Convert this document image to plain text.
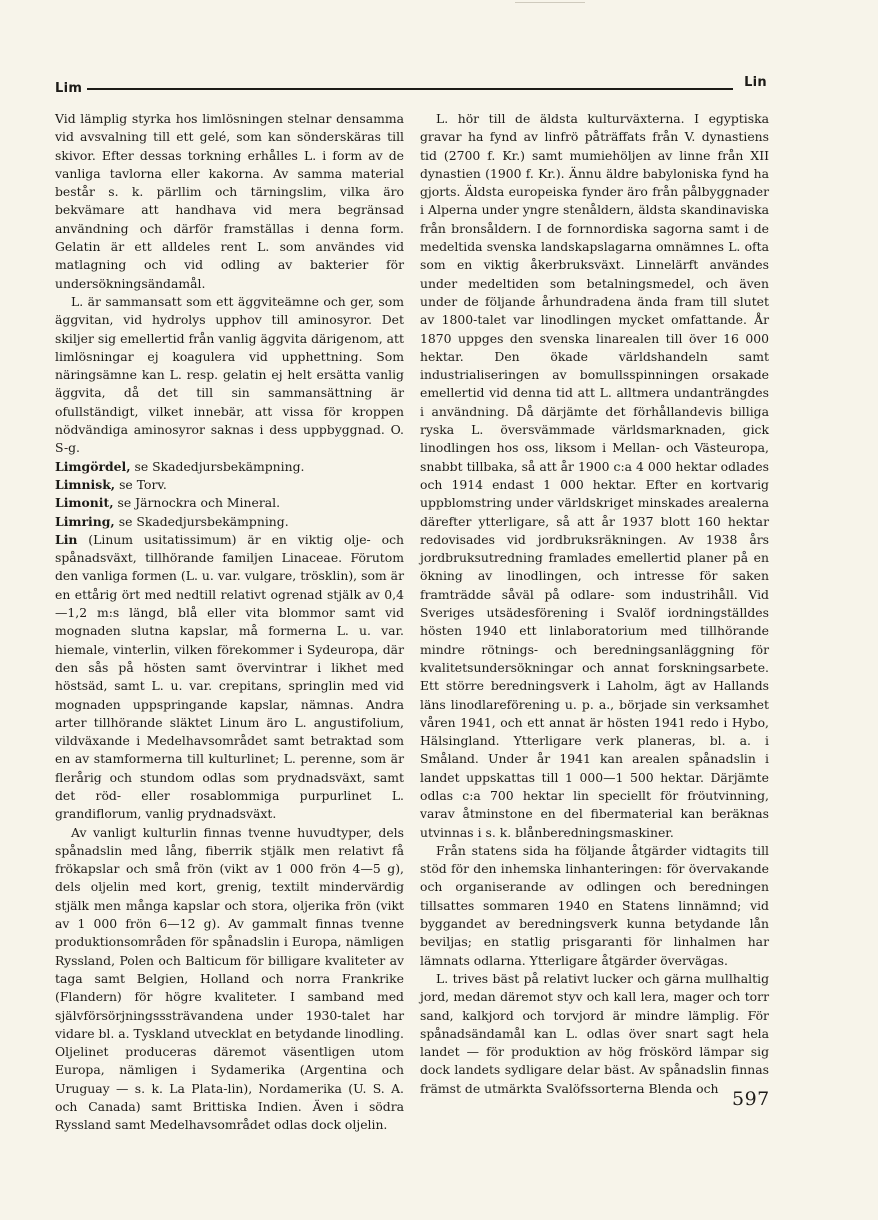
Lim	Lin

Vid lämplig styrka hos limlösningen stelnar densamma vid avsvalning till ett gelé, som kan sönderskäras till skivor. Efter dessas torkning erhålles L. i form av de vanliga tavlorna eller kakorna. Av samma material består s. k. pärllim och tärningslim, vilka äro bekvämare att handhava vid mera begränsad användning och därför framställas i denna form. Gelatin är ett alldeles rent L. som användes vid matlagning och vid odling av bakterier för undersökningsändamål.

L. är sammansatt som ett äggviteämne och ger, som äggvitan, vid hydrolys upphov till aminosyror. Det skiljer sig emellertid från vanlig äggvita därigenom, att limlösningar ej koagulera vid upphettning. Som näringsämne kan L. resp. gelatin ej helt ersätta vanlig äggvita, då det till sin sammansättning är ofullständigt, vilket innebär, att vissa för kroppen nödvändiga aminosyror saknas i dess uppbyggnad. O. S-g.

Limgördel, se Skadedjursbekämpning.

Limnisk, se Torv.

Limonit, se Järnockra och Mineral.

Limring, se Skadedjursbekämpning.

Lin (Linum usitatissimum) är en viktig olje- och spånadsväxt, tillhörande familjen Linaceae. Förutom den vanliga formen (L. u. var. vulgare, trösklin), som är en ettårig ört med nedtill relativt ogrenad stjälk av 0,4—1,2 m:s längd, blå eller vita blommor samt vid mognaden slutna kapslar, må formerna L. u. var. hiemale, vinterlin, vilken förekommer i Sydeuropa, där den sås på hösten samt övervintrar i likhet med höstsäd, samt L. u. var. crepitans, springlin med vid mognaden uppspringande kapslar, nämnas. Andra arter tillhörande släktet Linum äro L. angustifolium, vildväxande i Medelhavsområdet samt betraktad som en av stamformerna till kulturlinet; L. perenne, som är flerårig och stundom odlas som prydnadsväxt, samt det röd- eller rosablommiga purpurlinet L. grandiflorum, vanlig prydnadsväxt.

Av vanligt kulturlin finnas tvenne huvudtyper, dels spånadslin med lång, fiberrik stjälk men relativt få frökapslar och små frön (vikt av 1 000 frön 4—5 g), dels oljelin med kort, grenig, textilt mindervärdig stjälk men många kapslar och stora, oljerika frön (vikt av 1 000 frön 6—12 g). Av gammalt finnas tvenne produktionsområden för spånadslin i Europa, nämligen Ryssland, Polen och Balticum för billigare kvaliteter av taga samt Belgien, Holland och norra Frankrike (Flandern) för högre kvaliteter. I samband med självförsörjningsssträvandena under 1930-talet har vidare bl. a. Tyskland utvecklat en betydande linodling. Oljelinet produceras däremot väsentligen utom Europa, nämligen i Sydamerika (Argentina och Uruguay — s. k. La Plata-lin), Nordamerika (U. S. A. och Canada) samt Brittiska Indien. Även i södra Ryssland samt Medelhavsområdet odlas dock oljelin.

L. hör till de äldsta kulturväxterna. I egyptiska gravar ha fynd av linfrö påträffats från V. dynastiens tid (2700 f. Kr.) samt mumiehöljen av linne från XII dynastien (1900 f. Kr.). Ännu äldre babyloniska fynd ha gjorts. Äldsta europeiska fynder äro från pålbyggnader i Alperna under yngre stenåldern, äldsta skandinaviska från bronsåldern. I de fornnordiska sagorna samt i de medeltida svenska landskapslagarna omnämnes L. ofta som en viktig åkerbruksväxt. Linnelärft användes under medeltiden som betalningsmedel, och även under de följande århundradena ända fram till slutet av 1800-talet var linodlingen mycket omfattande. År 1870 uppges den svenska linarealen till över 16 000 hektar. Den ökade världshandeln samt industrialiseringen av bomullsspinningen orsakade emellertid vid denna tid att L. alltmera undanträngdes i användning. Då därjämte det förhållandevis billiga ryska L. översvämmade världsmarknaden, gick linodlingen hos oss, liksom i Mellan- och Västeuropa, snabbt tillbaka, så att år 1900 c:a 4 000 hektar odlades och 1914 endast 1 000 hektar. Efter en kortvarig uppblomstring under världskriget minskades arealerna därefter ytterligare, så att år 1937 blott 160 hektar redovisades vid jordbruksräkningen. Av 1938 års jordbruksutredning framlades emellertid planer på en ökning av linodlingen, och intresse för saken framträdde såväl på odlare- som industrihåll. Vid Sveriges utsädesförening i Svalöf iordningställdes hösten 1940 ett linlaboratorium med tillhörande mindre rötnings- och beredningsanläggning för kvalitetsundersökningar och annat forskningsarbete. Ett större beredningsverk i Laholm, ägt av Hallands läns linodlareförening u. p. a., började sin verksamhet våren 1941, och ett annat är hösten 1941 redo i Hybo, Hälsingland. Ytterligare verk planeras, bl. a. i Småland. Under år 1941 kan arealen spånadslin i landet uppskattas till 1 000—1 500 hektar. Därjämte odlas c:a 700 hektar lin speciellt för fröutvinning, varav åtminstone en del fibermaterial kan beräknas utvinnas i s. k. blånberedningsmaskiner.

Från statens sida ha följande åtgärder vidtagits till stöd för den inhemska linhanteringen: för övervakande och organiserande av odlingen och beredningen tillsattes sommaren 1940 en Statens linnämnd; vid byggandet av beredningsverk kunna betydande lån beviljas; en statlig prisgaranti för linhalmen har lämnats odlarna. Ytterligare åtgärder övervägas.

L. trives bäst på relativt lucker och gärna mullhaltig jord, medan däremot styv och kall lera, mager och torr sand, kalkjord och torvjord är mindre lämplig. För spånadsändamål kan L. odlas över snart sagt hela landet — för produktion av hög fröskörd lämpar sig dock landets sydligare delar bäst. Av spånadslin finnas främst de utmärkta Svalöfssorterna Blenda och 597
